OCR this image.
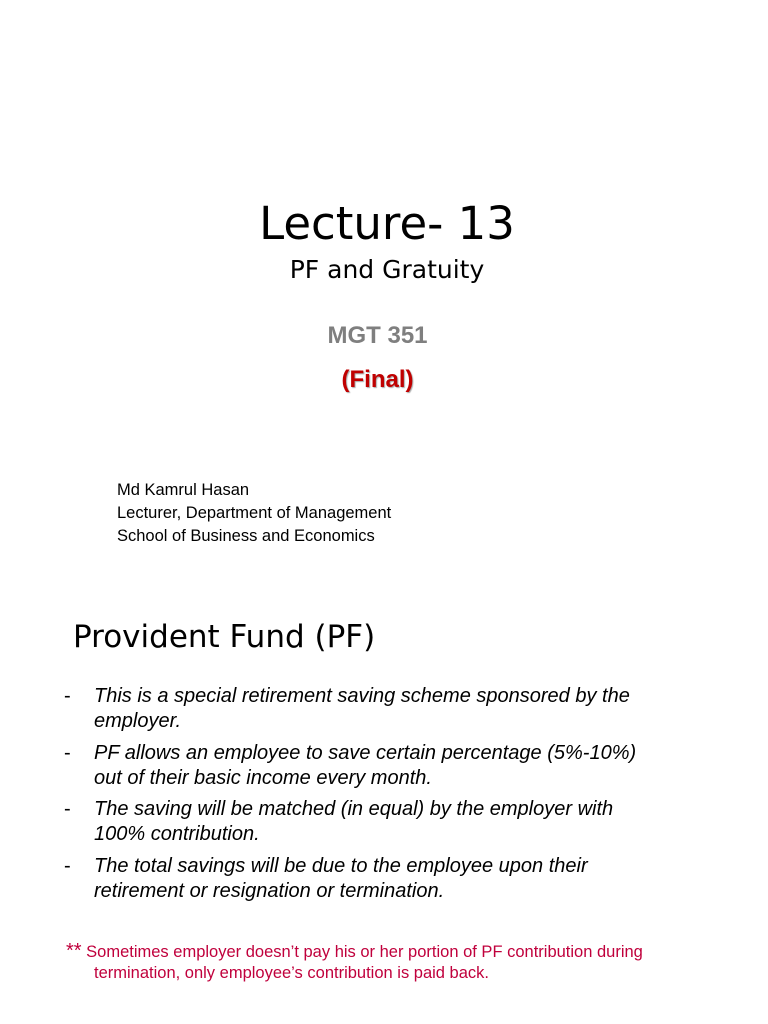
Lecture- 13
PF and Gratuity
MGT 351
(Final)
Md Kamrul Hasan
Lecturer, Department of Management
School of Business and Economics
Provident Fund (PF)
- This is a special retirement saving scheme sponsored by the
employer.
- PF allows an employee to save certain percentage (5%-10%)
out of their basic income every month.
- The saving will be matched (in equal) by the employer with
100% contribution.
- The total savings will be due to the employee upon their
retirement or resignation or termination.
** Sometimes employer doesn’t pay his or her portion of PF contribution during
termination, only employee’s contribution is paid back.
